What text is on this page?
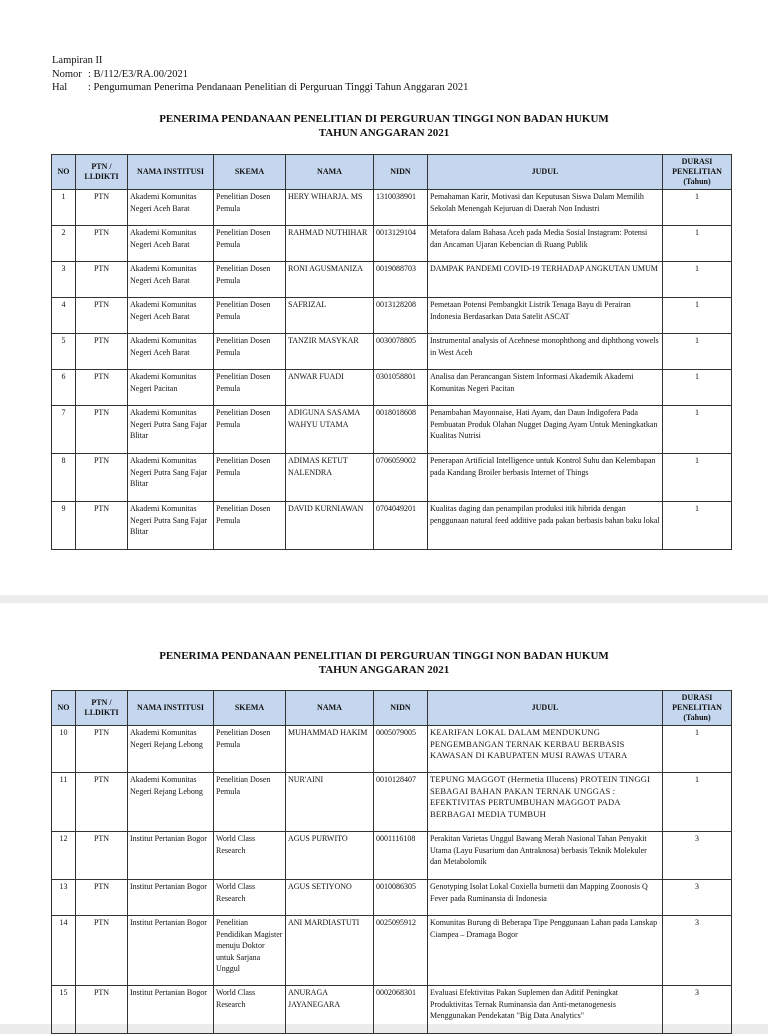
Lampiran II
Nomor : B/112/E3/RA.00/2021
Hal : Pengumuman Penerima Pendanaan Penelitian di Perguruan Tinggi Tahun Anggaran 2021
PENERIMA PENDANAAN PENELITIAN DI PERGURUAN TINGGI NON BADAN HUKUM
TAHUN ANGGARAN 2021
NO	PTN / LLDIKTI	NAMA INSTITUSI	SKEMA	NAMA	NIDN	JUDUL	DURASI PENELITIAN (Tahun)
1	PTN	Akademi Komunitas Negeri Aceh Barat	Penelitian Dosen Pemula	HERY WIHARJA. MS	1310038901	Pemahaman Karir, Motivasi dan Keputusan Siswa Dalam Memilih Sekolah Menengah Kejuruan di Daerah Non Industri	1
2	PTN	Akademi Komunitas Negeri Aceh Barat	Penelitian Dosen Pemula	RAHMAD NUTHIHAR	0013129104	Metafora dalam Bahasa Aceh pada Media Sosial Instagram: Potensi dan Ancaman Ujaran Kebencian di Ruang Publik	1
3	PTN	Akademi Komunitas Negeri Aceh Barat	Penelitian Dosen Pemula	RONI AGUSMANIZA	0019088703	DAMPAK PANDEMI COVID-19 TERHADAP ANGKUTAN UMUM	1
4	PTN	Akademi Komunitas Negeri Aceh Barat	Penelitian Dosen Pemula	SAFRIZAL	0013128208	Pemetaan Potensi Pembangkit Listrik Tenaga Bayu di Perairan Indonesia Berdasarkan Data Satelit ASCAT	1
5	PTN	Akademi Komunitas Negeri Aceh Barat	Penelitian Dosen Pemula	TANZIR MASYKAR	0030078805	Instrumental analysis of Acehnese monophthong and diphthong vowels in West Aceh	1
6	PTN	Akademi Komunitas Negeri Pacitan	Penelitian Dosen Pemula	ANWAR FUADI	0301058801	Analisa dan Perancangan Sistem Informasi Akademik Akademi Komunitas Negeri Pacitan	1
7	PTN	Akademi Komunitas Negeri Putra Sang Fajar Blitar	Penelitian Dosen Pemula	ADIGUNA SASAMA WAHYU UTAMA	0018018608	Penambahan Mayonnaise, Hati Ayam, dan Daun Indigofera Pada Pembuatan Produk Olahan Nugget Daging Ayam Untuk Meningkatkan Kualitas Nutrisi	1
8	PTN	Akademi Komunitas Negeri Putra Sang Fajar Blitar	Penelitian Dosen Pemula	ADIMAS KETUT NALENDRA	0706059002	Penerapan Artificial Intelligence untuk Kontrol Suhu dan Kelembapan pada Kandang Broiler berbasis Internet of Things	1
9	PTN	Akademi Komunitas Negeri Putra Sang Fajar Blitar	Penelitian Dosen Pemula	DAVID KURNIAWAN	0704049201	Kualitas daging dan penampilan produksi itik hibrida dengan penggunaan natural feed additive pada pakan berbasis bahan baku lokal	1
PENERIMA PENDANAAN PENELITIAN DI PERGURUAN TINGGI NON BADAN HUKUM
TAHUN ANGGARAN 2021
NO	PTN / LLDIKTI	NAMA INSTITUSI	SKEMA	NAMA	NIDN	JUDUL	DURASI PENELITIAN (Tahun)
10	PTN	Akademi Komunitas Negeri Rejang Lebong	Penelitian Dosen Pemula	MUHAMMAD HAKIM	0005079005	KEARIFAN LOKAL DALAM MENDUKUNG PENGEMBANGAN TERNAK KERBAU BERBASIS KAWASAN DI KABUPATEN MUSI RAWAS UTARA	1
11	PTN	Akademi Komunitas Negeri Rejang Lebong	Penelitian Dosen Pemula	NUR'AINI	0010128407	TEPUNG MAGGOT (Hermetia Illucens) PROTEIN TINGGI SEBAGAI BAHAN PAKAN TERNAK UNGGAS : EFEKTIVITAS PERTUMBUHAN MAGGOT PADA BERBAGAI MEDIA TUMBUH	1
12	PTN	Institut Pertanian Bogor	World Class Research	AGUS PURWITO	0001116108	Perakitan Varietas Unggul Bawang Merah Nasional Tahan Penyakit Utama (Layu Fusarium dan Antraknosa) berbasis Teknik Molekuler dan Metabolomik	3
13	PTN	Institut Pertanian Bogor	World Class Research	AGUS SETIYONO	0010086305	Genotyping Isolat Lokal Coxiella burnetii dan Mapping Zoonosis Q Fever pada Ruminansia di Indonesia	3
14	PTN	Institut Pertanian Bogor	Penelitian Pendidikan Magister menuju Doktor untuk Sarjana Unggul	ANI MARDIASTUTI	0025095912	Komunitas Burung di Beberapa Tipe Penggunaan Lahan pada Lanskap Ciampea – Dramaga Bogor	3
15	PTN	Institut Pertanian Bogor	World Class Research	ANURAGA JAYANEGARA	0002068301	Evaluasi Efektivitas Pakan Suplemen dan Aditif Peningkat Produktivitas Ternak Ruminansia dan Anti-metanogenesis Menggunakan Pendekatan "Big Data Analytics"	3
